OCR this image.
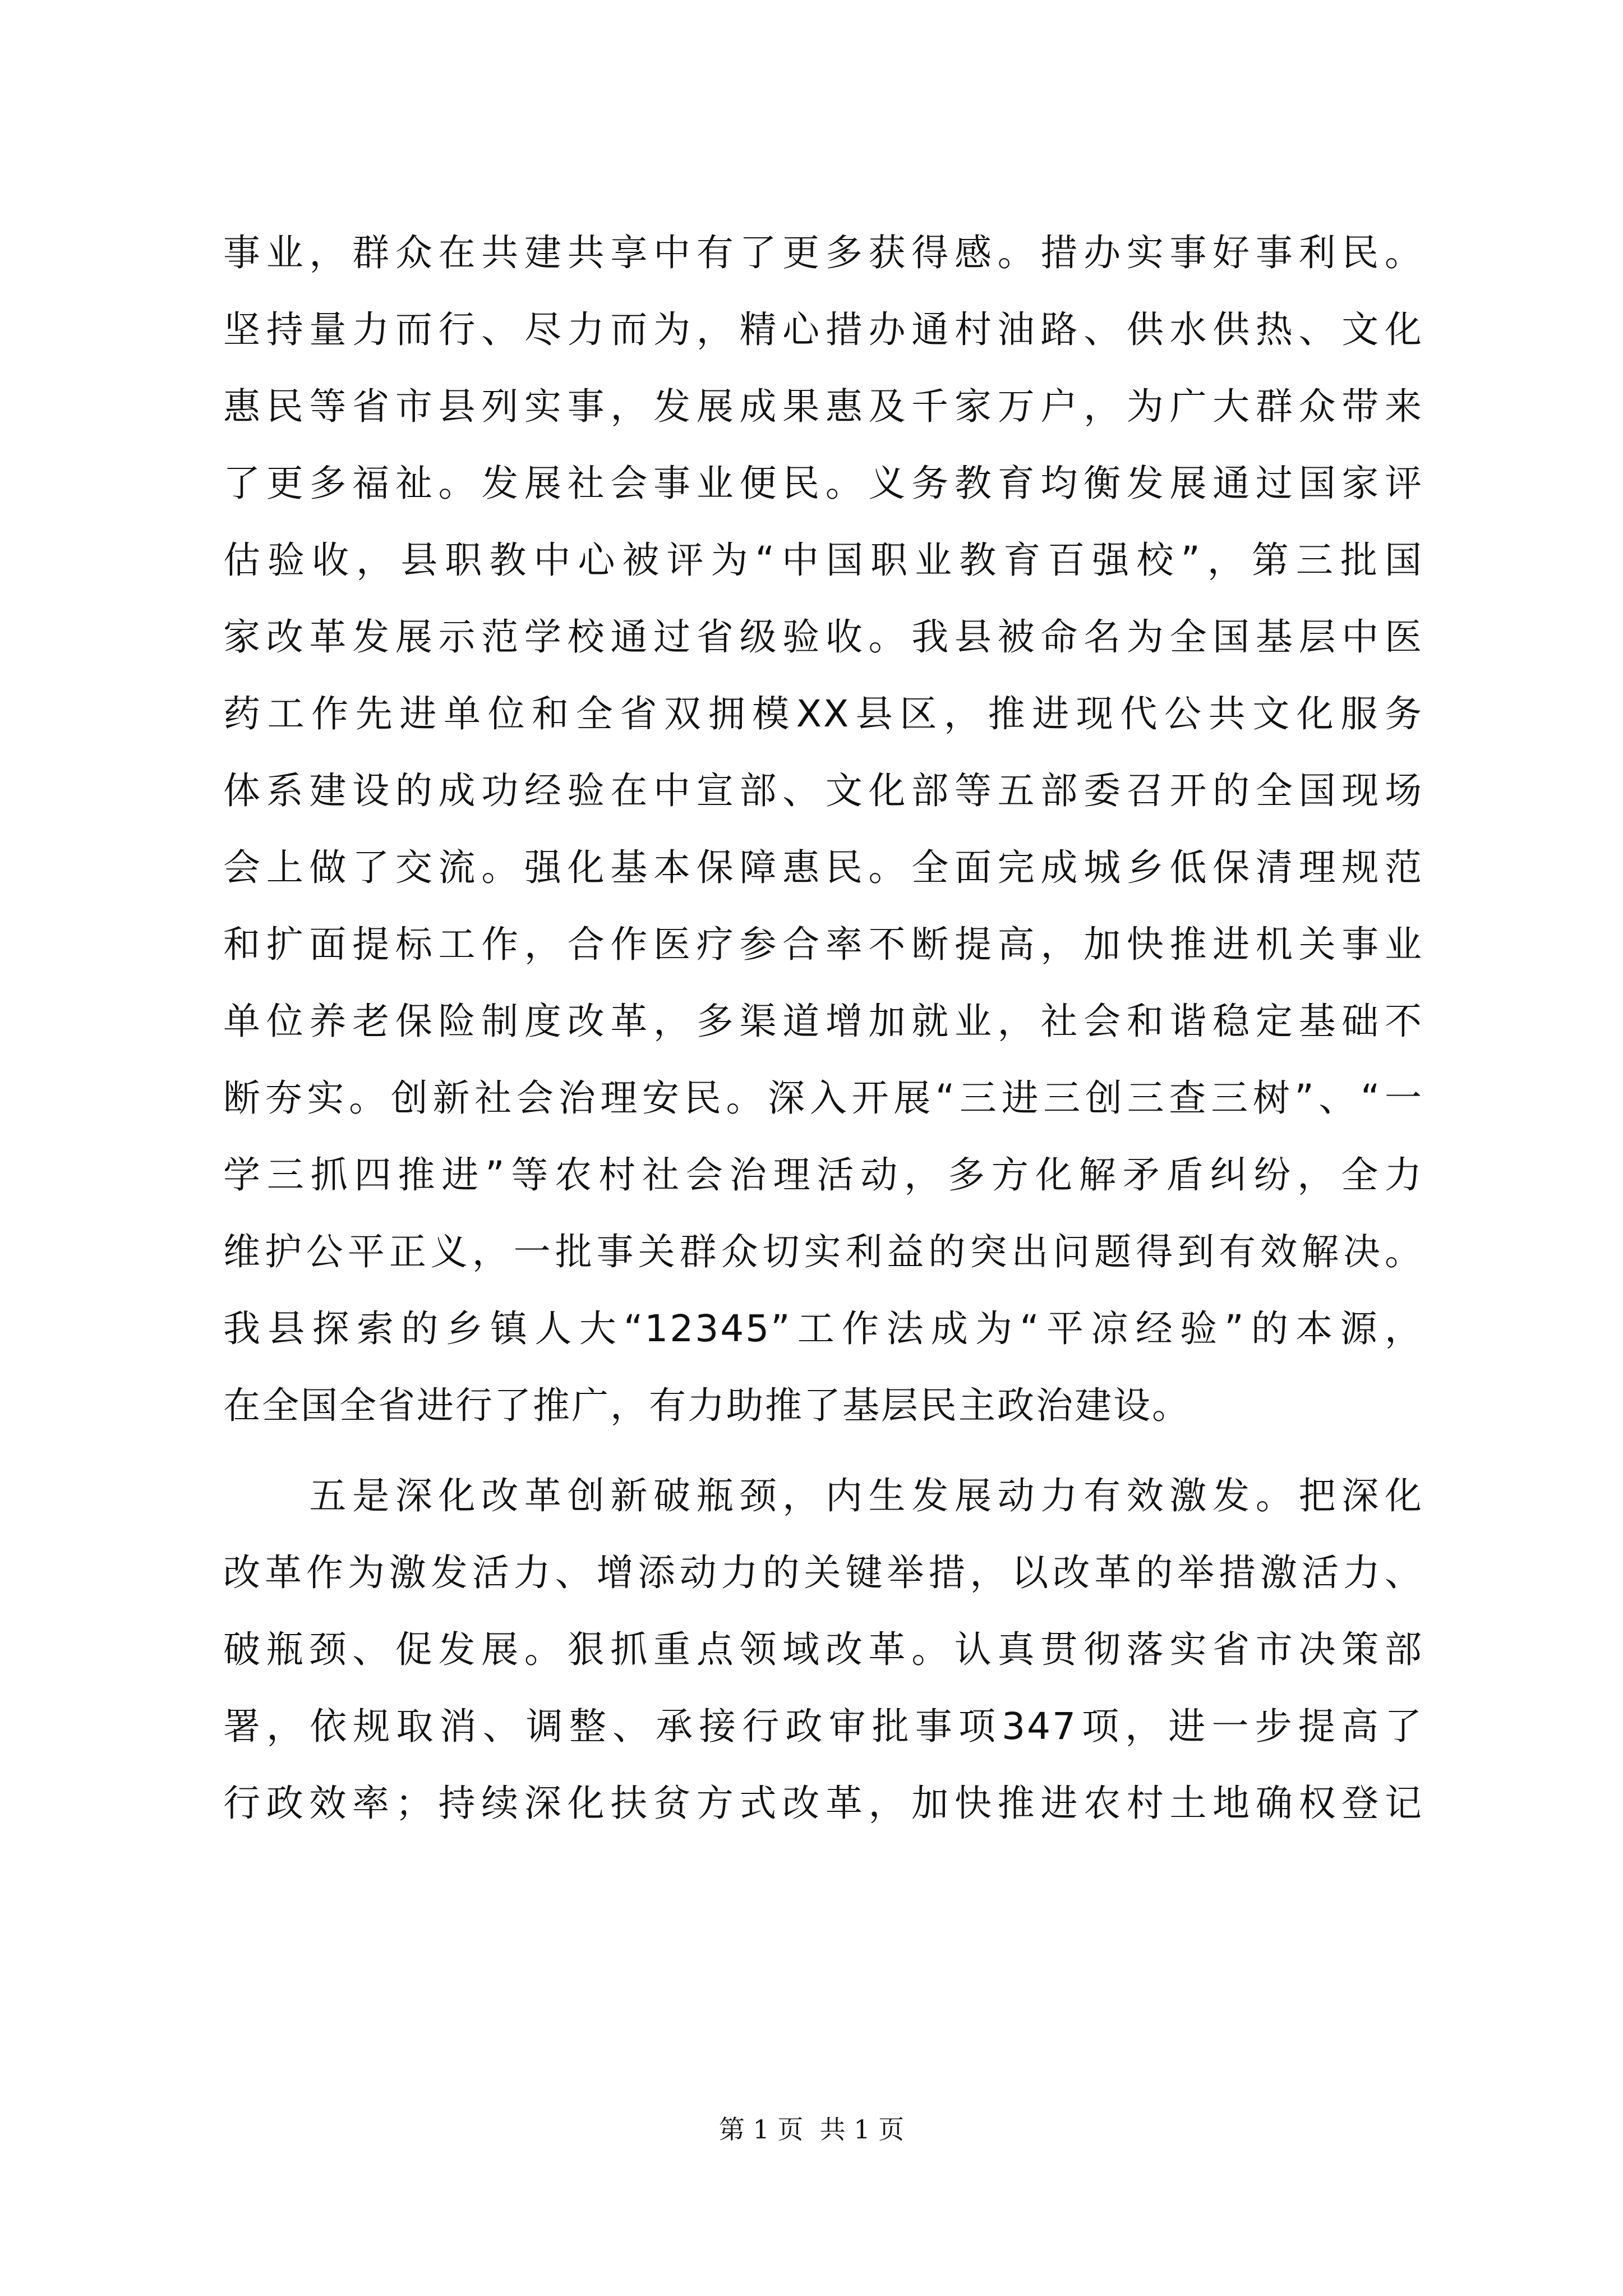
事业，群众在共建共享中有了更多获得感。措办实事好事利民。
坚持量力而行、尽力而为，精心措办通村油路、供水供热、文化
惠民等省市县列实事，发展成果惠及千家万户，为广大群众带来
了更多福祉。发展社会事业便民。义务教育均衡发展通过国家评
估验收，县职教中心被评为“中国职业教育百强校”，第三批国
家改革发展示范学校通过省级验收。我县被命名为全国基层中医
药工作先进单位和全省双拥模XX县区，推进现代公共文化服务
体系建设的成功经验在中宣部、文化部等五部委召开的全国现场
会上做了交流。强化基本保障惠民。全面完成城乡低保清理规范
和扩面提标工作，合作医疗参合率不断提高，加快推进机关事业
单位养老保险制度改革，多渠道增加就业，社会和谐稳定基础不
断夯实。创新社会治理安民。深入开展“三进三创三查三树”、“一
学三抓四推进”等农村社会治理活动，多方化解矛盾纠纷，全力
维护公平正义，一批事关群众切实利益的突出问题得到有效解决。
我县探索的乡镇人大“12345”工作法成为“平凉经验”的本源，
在全国全省进行了推广，有力助推了基层民主政治建设。
　　五是深化改革创新破瓶颈，内生发展动力有效激发。把深化
改革作为激发活力、增添动力的关键举措，以改革的举措激活力、
破瓶颈、促发展。狠抓重点领域改革。认真贯彻落实省市决策部
署，依规取消、调整、承接行政审批事项347项，进一步提高了
行政效率；持续深化扶贫方式改革，加快推进农村土地确权登记
第 1 页  共 1 页
